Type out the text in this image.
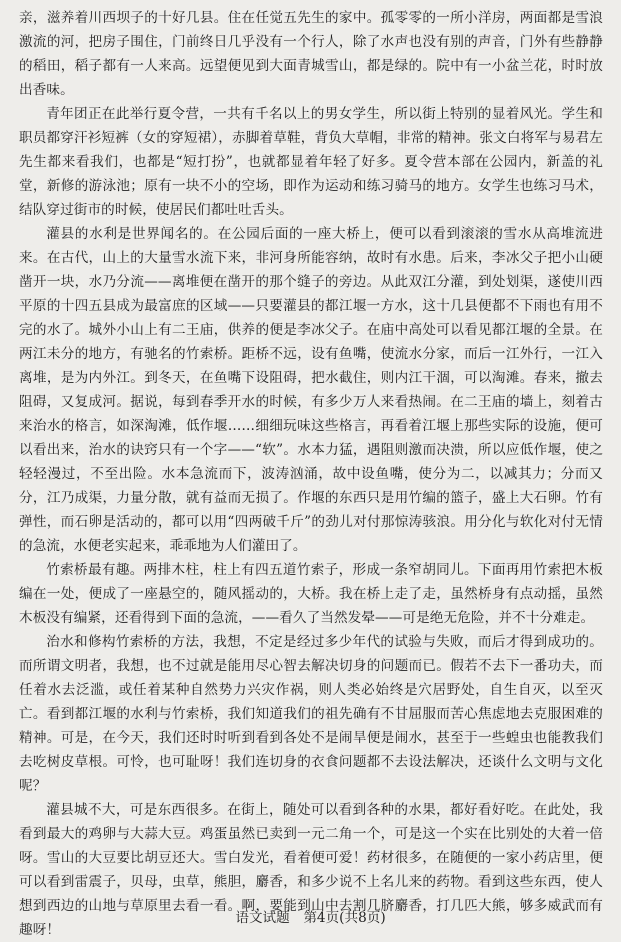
亲，滋养着川西坝子的十好几县。住在任觉五先生的家中。孤零零的一所小洋房，两面都是雪浪激流的河，把房子围住，门前终日几乎没有一个行人，除了水声也没有别的声音，门外有些静静的稻田，稻子都有一人来高。远望便见到大面青城雪山，都是绿的。院中有一小盆兰花，时时放出香味。

青年团正在此举行夏令营，一共有千名以上的男女学生，所以街上特别的显着风光。学生和职员都穿汗衫短裤（女的穿短裙），赤脚着草鞋，背负大草帽，非常的精神。张文白将军与易君左先生都来看我们，也都是“短打扮”，也就都显着年轻了好多。夏令营本部在公园内，新盖的礼堂，新修的游泳池；原有一块不小的空场，即作为运动和练习骑马的地方。女学生也练习马术，结队穿过街市的时候，使居民们都吐吐舌头。

灌县的水利是世界闻名的。在公园后面的一座大桥上，便可以看到滚滚的雪水从高堆流进来。在古代，山上的大量雪水流下来，非河身所能容纳，故时有水患。后来，李冰父子把小山硬凿开一块，水乃分流——离堆便在凿开的那个缝子的旁边。从此双江分灌，到处划渠，遂使川西平原的十四五县成为最富庶的区域——只要灌县的都江堰一方水，这十几县便都不下雨也有用不完的水了。城外小山上有二王庙，供养的便是李冰父子。在庙中高处可以看见都江堰的全景。在两江未分的地方，有驰名的竹索桥。距桥不远，设有鱼嘴，使流水分家，而后一江外行，一江入离堆，是为内外江。到冬天，在鱼嘴下设阻碍，把水截住，则内江干涸，可以淘滩。春来，撤去阻碍，又复成河。据说，每到春季开水的时候，有多少万人来看热闹。在二王庙的墙上，刻着古来治水的格言，如深淘滩，低作堰……细细玩味这些格言，再看着江堰上那些实际的设施，便可以看出来，治水的诀窍只有一个字——“软”。水本力猛，遇阻则激而决溃，所以应低作堰，使之轻轻漫过，不至出险。水本急流而下，波涛汹涌，故中设鱼嘴，使分为二，以减其力；分而又分，江乃成渠，力量分散，就有益而无损了。作堰的东西只是用竹编的篮子，盛上大石卵。竹有弹性，而石卵是活动的，都可以用“四两破千斤”的劲儿对付那惊涛骇浪。用分化与软化对付无情的急流，水便老实起来，乖乖地为人们灌田了。

竹索桥最有趣。两排木柱，柱上有四五道竹索子，形成一条窄胡同儿。下面再用竹索把木板编在一处，便成了一座悬空的，随风摇动的，大桥。我在桥上走了走，虽然桥身有点动摇，虽然木板没有编紧，还看得到下面的急流，——看久了当然发晕——可是绝无危险，并不十分难走。

治水和修构竹索桥的方法，我想，不定是经过多少年代的试验与失败，而后才得到成功的。而所谓文明者，我想，也不过就是能用尽心智去解决切身的问题而已。假若不去下一番功夫，而任着水去泛滥，或任着某种自然势力兴灾作祸，则人类必始终是穴居野处，自生自灭，以至灭亡。看到都江堰的水利与竹索桥，我们知道我们的祖先确有不甘屈服而苦心焦虑地去克服困难的精神。可是，在今天，我们还时时听到看到各处不是闹旱便是闹水，甚至于一些蝗虫也能教我们去吃树皮草根。可怜，也可耻呀！我们连切身的衣食问题都不去设法解决，还谈什么文明与文化呢？

灌县城不大，可是东西很多。在街上，随处可以看到各种的水果，都好看好吃。在此处，我看到最大的鸡卵与大蒜大豆。鸡蛋虽然已卖到一元二角一个，可是这一个实在比别处的大着一倍呀。雪山的大豆要比胡豆还大。雪白发光，看着便可爱！药材很多，在随便的一家小药店里，便可以看到雷震子，贝母，虫草，熊胆，麝香，和多少说不上名儿来的药物。看到这些东西，使人想到西边的山地与草原里去看一看。啊，要能到山中去割几脐麝香，打几匹大熊，够多威武而有趣呀！

语文试题　第4页(共8页)
